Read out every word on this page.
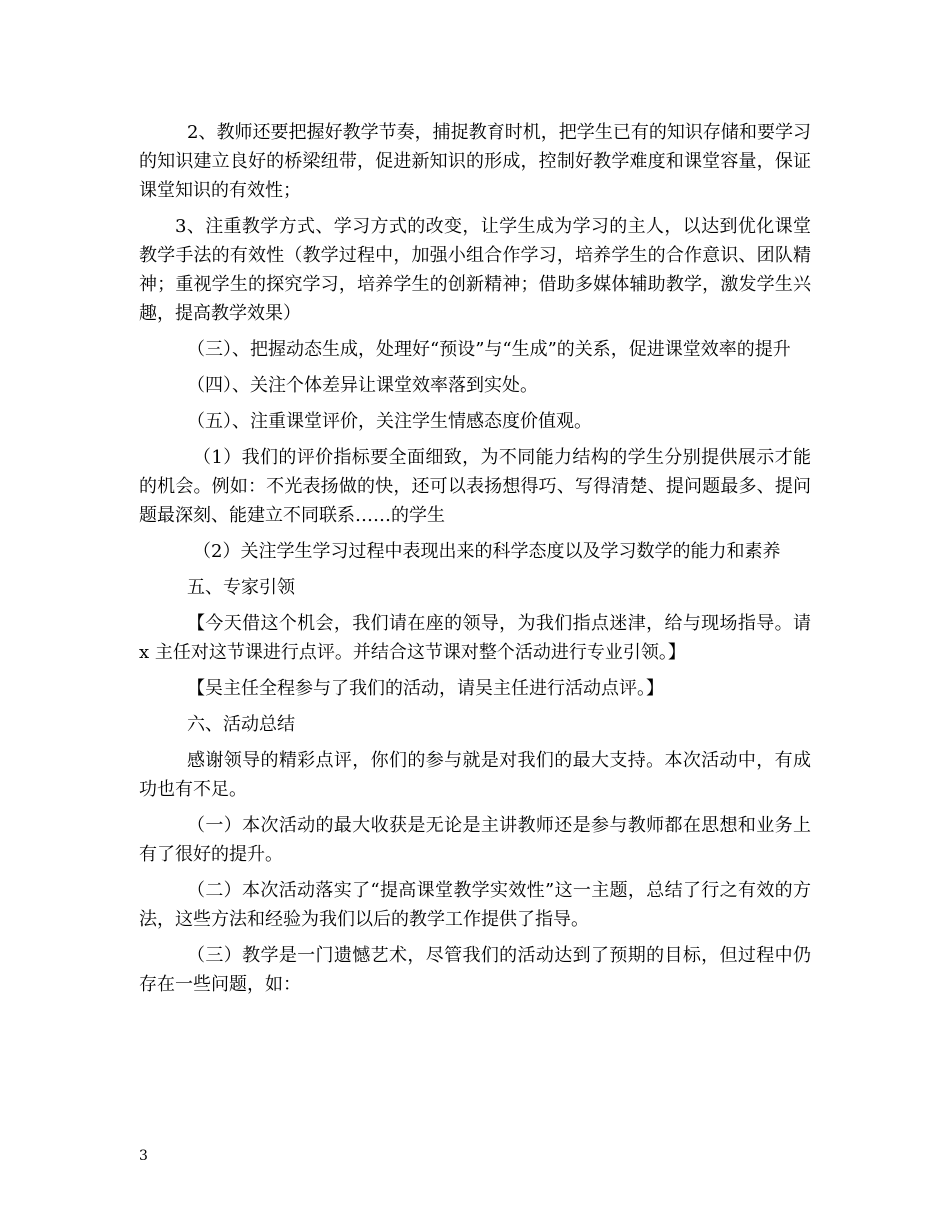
2、教师还要把握好教学节奏，捕捉教育时机，把学生已有的知识存储和要学习的知识建立良好的桥梁纽带，促进新知识的形成，控制好教学难度和课堂容量，保证课堂知识的有效性；

3、注重教学方式、学习方式的改变，让学生成为学习的主人，以达到优化课堂教学手法的有效性（教学过程中，加强小组合作学习，培养学生的合作意识、团队精神；重视学生的探究学习，培养学生的创新精神；借助多媒体辅助教学，激发学生兴趣，提高教学效果）

（三）、把握动态生成，处理好“预设”与“生成”的关系，促进课堂效率的提升

（四）、关注个体差异让课堂效率落到实处。

（五）、注重课堂评价，关注学生情感态度价值观。

（1）我们的评价指标要全面细致，为不同能力结构的学生分别提供展示才能的机会。例如：不光表扬做的快，还可以表扬想得巧、写得清楚、提问题最多、提问题最深刻、能建立不同联系……的学生

（2）关注学生学习过程中表现出来的科学态度以及学习数学的能力和素养

五、专家引领

【今天借这个机会，我们请在座的领导，为我们指点迷津，给与现场指导。请 x 主任对这节课进行点评。并结合这节课对整个活动进行专业引领。】

【吴主任全程参与了我们的活动，请吴主任进行活动点评。】

六、活动总结

感谢领导的精彩点评，你们的参与就是对我们的最大支持。本次活动中，有成功也有不足。

（一）本次活动的最大收获是无论是主讲教师还是参与教师都在思想和业务上有了很好的提升。

（二）本次活动落实了“提高课堂教学实效性”这一主题，总结了行之有效的方法，这些方法和经验为我们以后的教学工作提供了指导。

（三）教学是一门遗憾艺术，尽管我们的活动达到了预期的目标，但过程中仍存在一些问题，如：

3
